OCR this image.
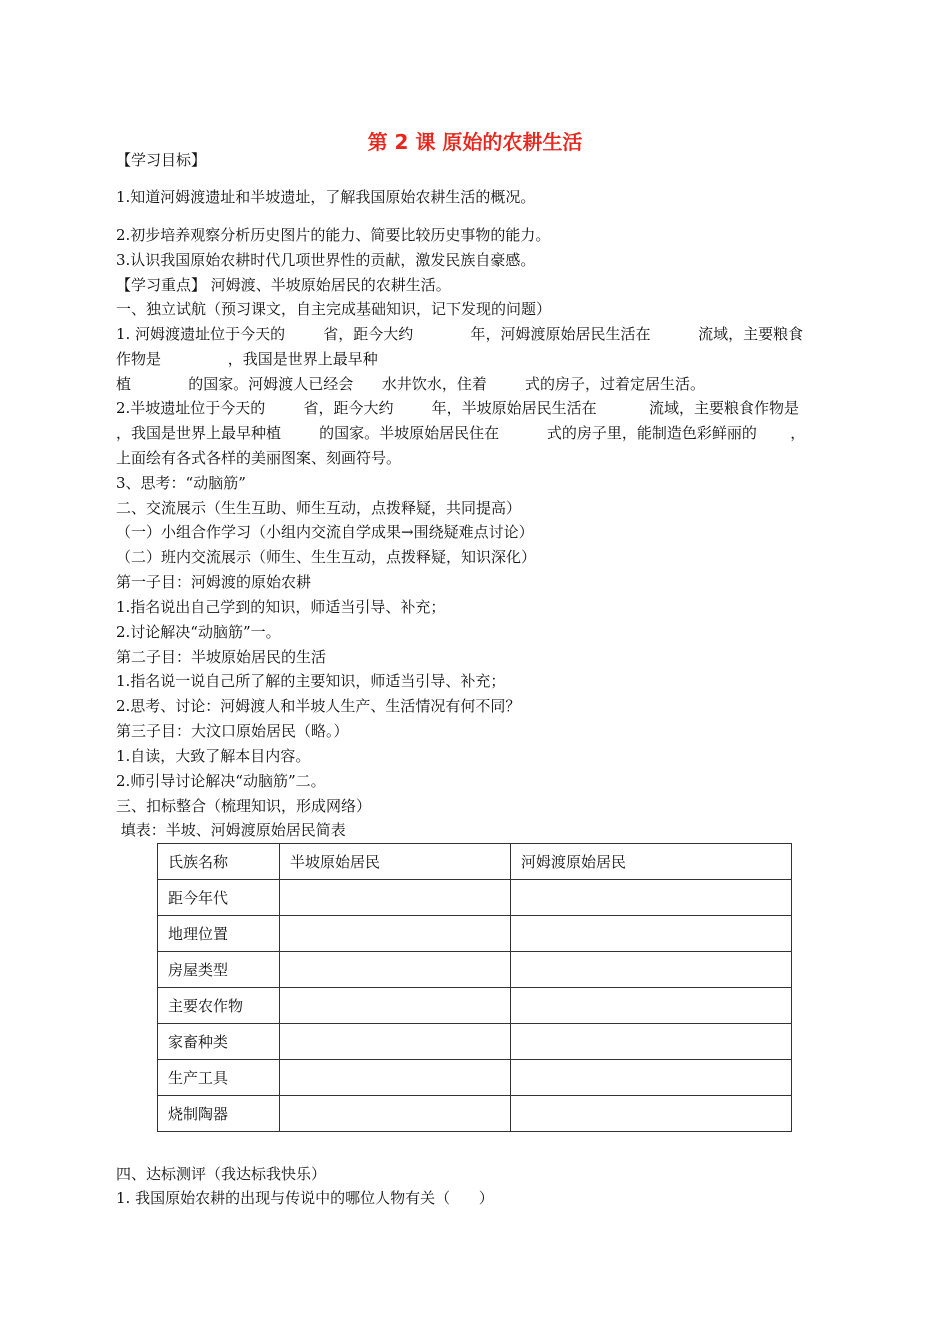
第 2 课 原始的农耕生活
【学习目标】
1.知道河姆渡遗址和半坡遗址，了解我国原始农耕生活的概况。
2.初步培养观察分析历史图片的能力、简要比较历史事物的能力。
3.认识我国原始农耕时代几项世界性的贡献，激发民族自豪感。
【学习重点】 河姆渡、半坡原始居民的农耕生活。
一、独立试航（预习课文，自主完成基础知识，记下发现的问题）
1. 河姆渡遗址位于今天的        省，距今大约            年，河姆渡原始居民生活在          流域，主要粮食
作物是              ，我国是世界上最早种
植            的国家。河姆渡人已经会      水井饮水，住着        式的房子，过着定居生活。
2.半坡遗址位于今天的        省，距今大约        年，半坡原始居民生活在           流域，主要粮食作物是
，我国是世界上最早种植        的国家。半坡原始居民住在          式的房子里，能制造色彩鲜丽的       ，
上面绘有各式各样的美丽图案、刻画符号。
3、思考：“动脑筋”
二、交流展示（生生互助、师生互动，点拨释疑，共同提高）
（一）小组合作学习（小组内交流自学成果→围绕疑难点讨论）
（二）班内交流展示（师生、生生互动，点拨释疑，知识深化）
第一子目：河姆渡的原始农耕
1.指名说出自己学到的知识，师适当引导、补充；
2.讨论解决“动脑筋”一。
第二子目：半坡原始居民的生活
1.指名说一说自己所了解的主要知识，师适当引导、补充；
2.思考、讨论：河姆渡人和半坡人生产、生活情况有何不同？
第三子目：大汶口原始居民（略。）
1.自读，大致了解本目内容。
2.师引导讨论解决“动脑筋”二。
三、扣标整合（梳理知识，形成网络）
填表：半坡、河姆渡原始居民简表
氏族名称	半坡原始居民	河姆渡原始居民
距今年代		
地理位置		
房屋类型		
主要农作物		
家畜种类		
生产工具		
烧制陶器		
四、达标测评（我达标我快乐）
1. 我国原始农耕的出现与传说中的哪位人物有关（      ）
